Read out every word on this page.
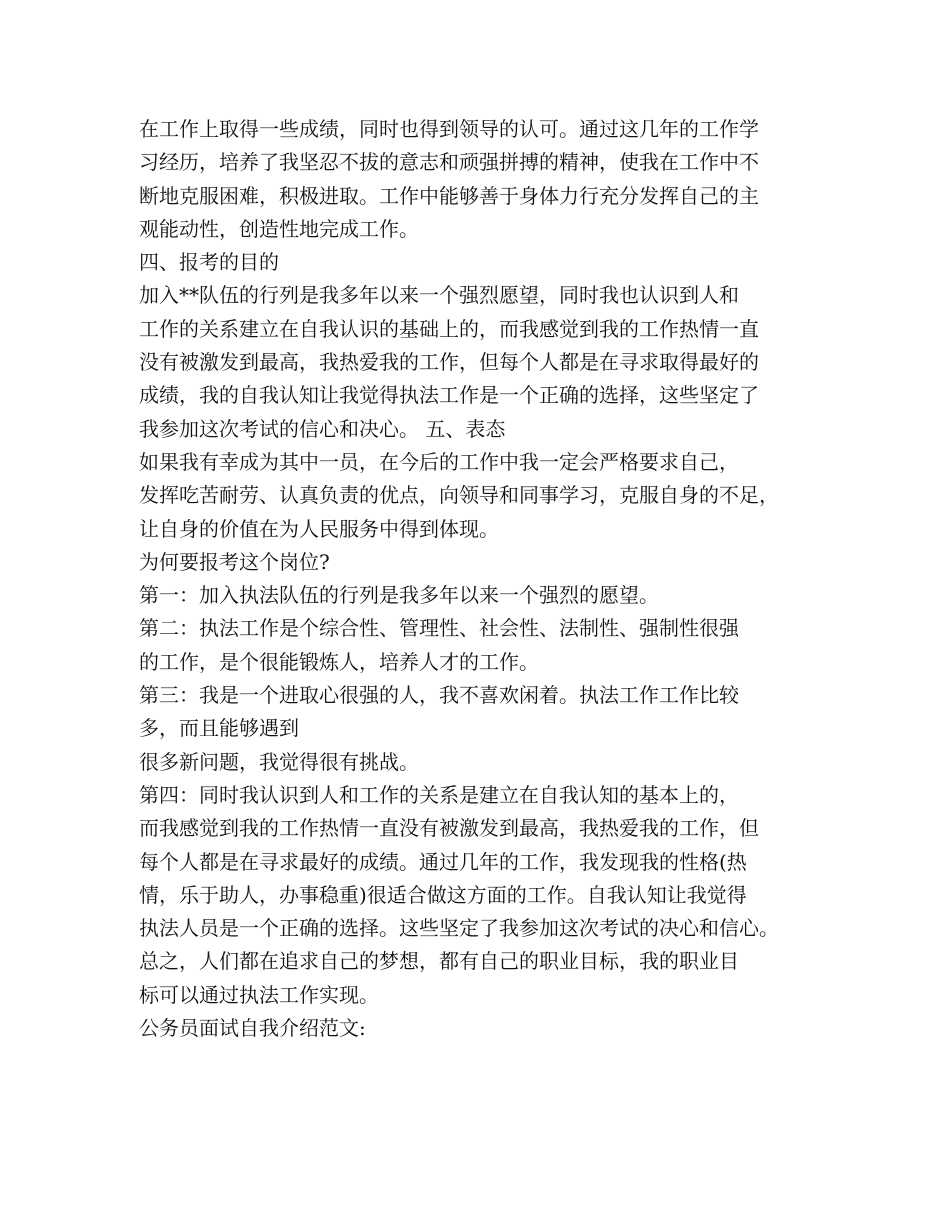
在工作上取得一些成绩，同时也得到领导的认可。通过这几年的工作学
习经历，培养了我坚忍不拔的意志和顽强拼搏的精神，使我在工作中不
断地克服困难，积极进取。工作中能够善于身体力行充分发挥自己的主
观能动性，创造性地完成工作。
四、报考的目的
加入**队伍的行列是我多年以来一个强烈愿望，同时我也认识到人和
工作的关系建立在自我认识的基础上的，而我感觉到我的工作热情一直
没有被激发到最高，我热爱我的工作，但每个人都是在寻求取得最好的
成绩，我的自我认知让我觉得执法工作是一个正确的选择，这些坚定了
我参加这次考试的信心和决心。 五、表态
如果我有幸成为其中一员，在今后的工作中我一定会严格要求自己，
发挥吃苦耐劳、认真负责的优点，向领导和同事学习，克服自身的不足，
让自身的价值在为人民服务中得到体现。
为何要报考这个岗位?
第一：加入执法队伍的行列是我多年以来一个强烈的愿望。
第二：执法工作是个综合性、管理性、社会性、法制性、强制性很强
的工作，是个很能锻炼人，培养人才的工作。
第三：我是一个进取心很强的人，我不喜欢闲着。执法工作工作比较
多，而且能够遇到
很多新问题，我觉得很有挑战。
第四：同时我认识到人和工作的关系是建立在自我认知的基本上的，
而我感觉到我的工作热情一直没有被激发到最高，我热爱我的工作，但
每个人都是在寻求最好的成绩。通过几年的工作，我发现我的性格(热
情，乐于助人，办事稳重)很适合做这方面的工作。自我认知让我觉得
执法人员是一个正确的选择。这些坚定了我参加这次考试的决心和信心。
总之，人们都在追求自己的梦想，都有自己的职业目标，我的职业目
标可以通过执法工作实现。
公务员面试自我介绍范文:
